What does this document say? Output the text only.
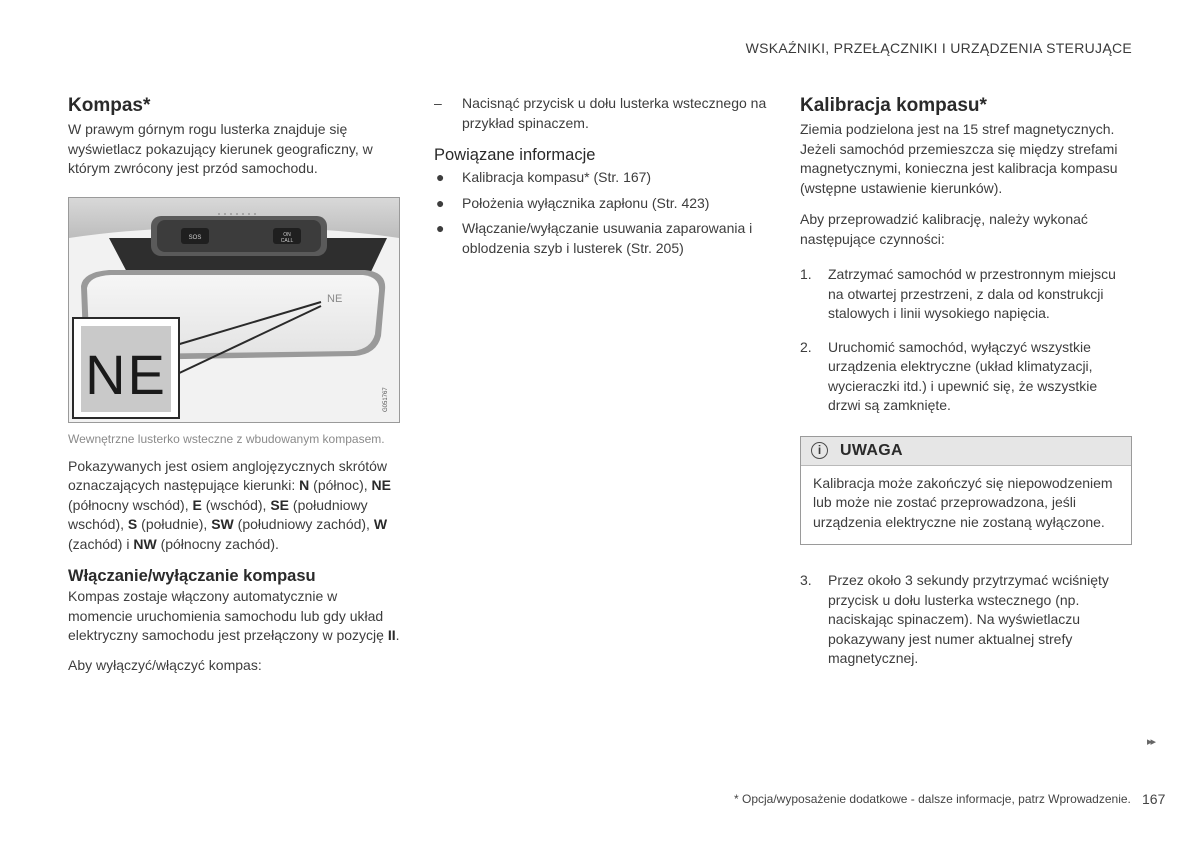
WSKAŹNIKI, PRZEŁĄCZNIKI I URZĄDZENIA STERUJĄCE
Kompas*

W prawym górnym rogu lusterka znajduje się wyświetlacz pokazujący kierunek geograficzny, w którym zwrócony jest przód samochodu.

SOS	ON
CALL
NE
NE	G051767

Wewnętrzne lusterko wsteczne z wbudowanym kompasem.

Pokazywanych jest osiem anglojęzycznych skrótów oznaczających następujące kierunki: N (północ), NE (północny wschód), E (wschód), SE (południowy wschód), S (południe), SW (południowy zachód), W (zachód) i NW (północny zachód).

Włączanie/wyłączanie kompasu

Kompas zostaje włączony automatycznie w momencie uruchomienia samochodu lub gdy układ elektryczny samochodu jest przełączony w pozycję II.

Aby wyłączyć/włączyć kompas:

– Nacisnąć przycisk u dołu lusterka wstecznego na przykład spinaczem.
Powiązane informacje
● Kalibracja kompasu* (Str. 167)
● Położenia wyłącznika zapłonu (Str. 423)
● Włączanie/wyłączanie usuwania zaparowania i oblodzenia szyb i lusterek (Str. 205)
Kalibracja kompasu*

Ziemia podzielona jest na 15 stref magnetycznych. Jeżeli samochód przemieszcza się między strefami magnetycznymi, konieczna jest kalibracja kompasu (wstępne ustawienie kierunków).

Aby przeprowadzić kalibrację, należy wykonać następujące czynności:

1. Zatrzymać samochód w przestronnym miejscu na otwartej przestrzeni, z dala od konstrukcji stalowych i linii wysokiego napięcia.
2. Uruchomić samochód, wyłączyć wszystkie urządzenia elektryczne (układ klimatyzacji, wycieraczki itd.) i upewnić się, że wszystkie drzwi są zamknięte.
i	UWAGA
Kalibracja może zakończyć się niepowodzeniem lub może nie zostać przeprowadzona, jeśli urządzenia elektryczne nie zostaną wyłączone.
3. Przez około 3 sekundy przytrzymać wciśnięty przycisk u dołu lusterka wstecznego (np. naciskając spinaczem). Na wyświetlaczu pokazywany jest numer aktualnej strefy magnetycznej.
▸▸
* Opcja/wyposażenie dodatkowe - dalsze informacje, patrz Wprowadzenie. 167
